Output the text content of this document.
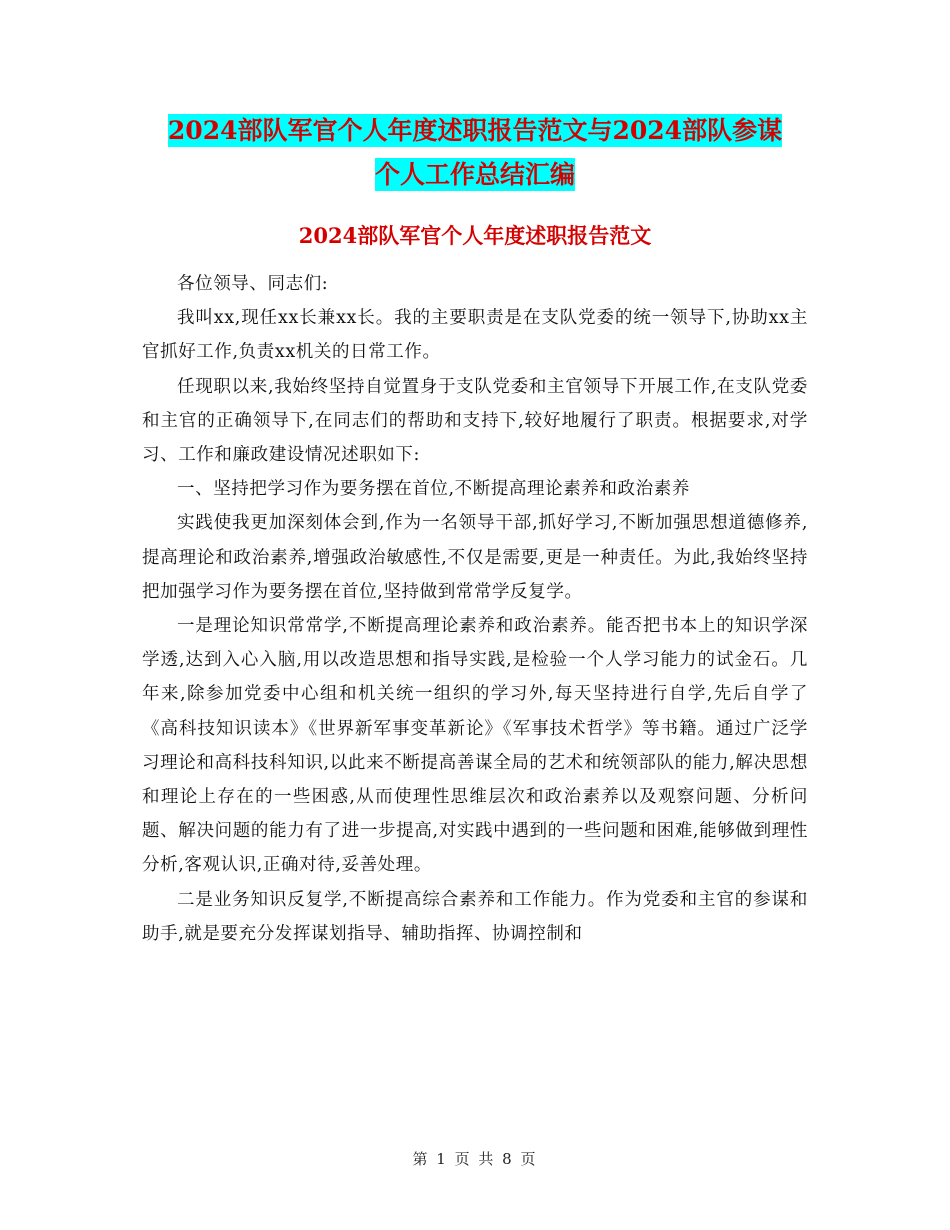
2024部队军官个人年度述职报告范文与2024部队参谋
个人工作总结汇编
2024部队军官个人年度述职报告范文

各位领导、同志们:

我叫xx,现任xx长兼xx长。我的主要职责是在支队党委的统一领导下,协助xx主官抓好工作,负责xx机关的日常工作。

任现职以来,我始终坚持自觉置身于支队党委和主官领导下开展工作,在支队党委和主官的正确领导下,在同志们的帮助和支持下,较好地履行了职责。根据要求,对学习、工作和廉政建设情况述职如下:

一、坚持把学习作为要务摆在首位,不断提高理论素养和政治素养

实践使我更加深刻体会到,作为一名领导干部,抓好学习,不断加强思想道德修养,提高理论和政治素养,增强政治敏感性,不仅是需要,更是一种责任。为此,我始终坚持把加强学习作为要务摆在首位,坚持做到常常学反复学。

一是理论知识常常学,不断提高理论素养和政治素养。能否把书本上的知识学深学透,达到入心入脑,用以改造思想和指导实践,是检验一个人学习能力的试金石。几年来,除参加党委中心组和机关统一组织的学习外,每天坚持进行自学,先后自学了《高科技知识读本》《世界新军事变革新论》《军事技术哲学》等书籍。通过广泛学习理论和高科技科知识,以此来不断提高善谋全局的艺术和统领部队的能力,解决思想和理论上存在的一些困惑,从而使理性思维层次和政治素养以及观察问题、分析问题、解决问题的能力有了进一步提高,对实践中遇到的一些问题和困难,能够做到理性分析,客观认识,正确对待,妥善处理。

二是业务知识反复学,不断提高综合素养和工作能力。作为党委和主官的参谋和助手,就是要充分发挥谋划指导、辅助指挥、协调控制和

第 1 页 共 8 页
